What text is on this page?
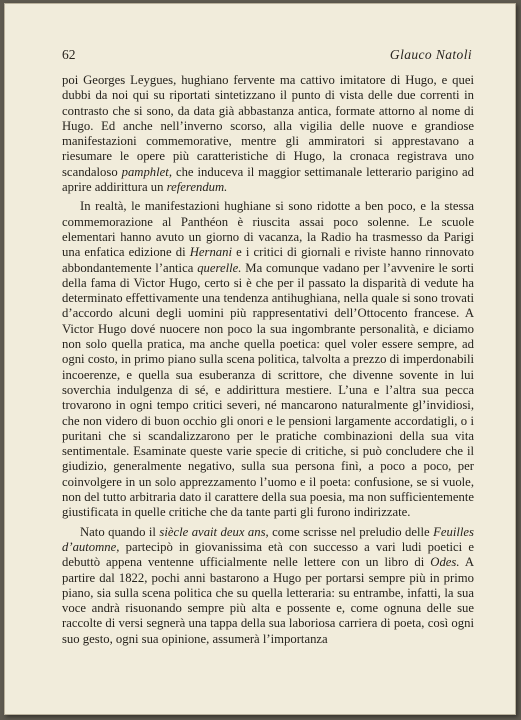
62	Glauco Natoli

poi Georges Leygues, hughiano fervente ma cattivo imitatore di Hugo, e quei dubbi da noi qui su riportati sintetizzano il punto di vista delle due correnti in contrasto che si sono, da data già abbastanza antica, formate attorno al nome di Hugo. Ed anche nell’inverno scorso, alla vigilia delle nuove e grandiose manifestazioni commemorative, mentre gli ammiratori si apprestavano a riesumare le opere più caratteristiche di Hugo, la cronaca registrava uno scandaloso pamphlet, che induceva il maggior settimanale letterario parigino ad aprire addirittura un referendum.

In realtà, le manifestazioni hughiane si sono ridotte a ben poco, e la stessa commemorazione al Panthéon è riuscita assai poco solenne. Le scuole elementari hanno avuto un giorno di vacanza, la Radio ha trasmesso da Parigi una enfatica edizione di Hernani e i critici di giornali e riviste hanno rinnovato abbondantemente l’antica querelle. Ma comunque vadano per l’avvenire le sorti della fama di Victor Hugo, certo si è che per il passato la disparità di vedute ha determinato effettivamente una tendenza antihughiana, nella quale si sono trovati d’accordo alcuni degli uomini più rappresentativi dell’Ottocento francese. A Victor Hugo dové nuocere non poco la sua ingombrante personalità, e diciamo non solo quella pratica, ma anche quella poetica: quel voler essere sempre, ad ogni costo, in primo piano sulla scena politica, talvolta a prezzo di imperdonabili incoerenze, e quella sua esuberanza di scrittore, che divenne sovente in lui soverchia indulgenza di sé, e addirittura mestiere. L’una e l’altra sua pecca trovarono in ogni tempo critici severi, né mancarono naturalmente gl’invidiosi, che non videro di buon occhio gli onori e le pensioni largamente accordatigli, o i puritani che si scandalizzarono per le pratiche combinazioni della sua vita sentimentale. Esaminate queste varie specie di critiche, si può concludere che il giudizio, generalmente negativo, sulla sua persona finì, a poco a poco, per coinvolgere in un solo apprezzamento l’uomo e il poeta: confusione, se si vuole, non del tutto arbitraria dato il carattere della sua poesia, ma non sufficientemente giustificata in quelle critiche che da tante parti gli furono indirizzate.

Nato quando il siècle avait deux ans, come scrisse nel preludio delle Feuilles d’automne, partecipò in giovanissima età con successo a vari ludi poetici e debuttò appena ventenne ufficialmente nelle lettere con un libro di Odes. A partire dal 1822, pochi anni bastarono a Hugo per portarsi sempre più in primo piano, sia sulla scena politica che su quella letteraria: su entrambe, infatti, la sua voce andrà risuonando sempre più alta e possente e, come ognuna delle sue raccolte di versi segnerà una tappa della sua laboriosa carriera di poeta, così ogni suo gesto, ogni sua opinione, assumerà l’importanza
